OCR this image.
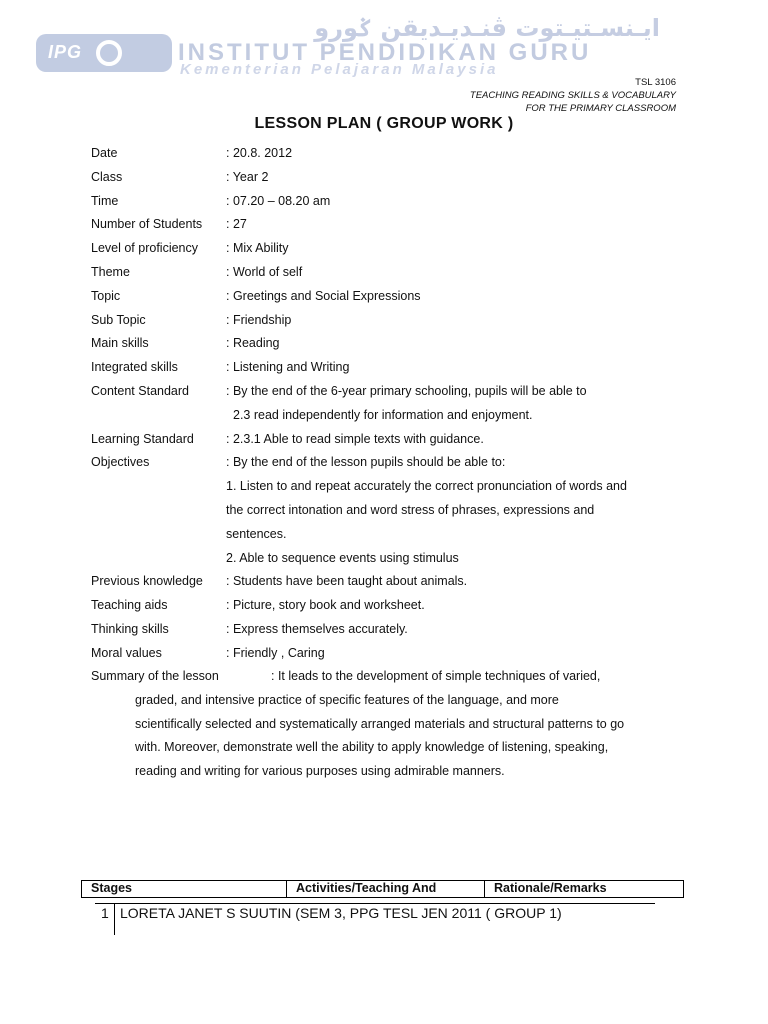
IPG
ايـنسـتيـتوت ڤنـديـديقن ݢورو
INSTITUT PENDIDIKAN GURU
Kementerian Pelajaran Malaysia
TSL 3106
TEACHING READING SKILLS & VOCABULARY
FOR THE PRIMARY CLASSROOM
LESSON PLAN ( GROUP WORK )
Date	: 20.8. 2012
Class	: Year 2
Time	: 07.20 – 08.20 am
Number of Students : 27
Level of proficiency : Mix Ability
Theme	: World of self
Topic	: Greetings and Social Expressions
Sub Topic	: Friendship
Main skills	: Reading
Integrated skills	: Listening and Writing
Content Standard	: By the end of the 6-year primary schooling, pupils will be able to
2.3 read independently for information and enjoyment.
Learning Standard	: 2.3.1 Able to read simple texts with guidance.
Objectives	: By the end of the lesson pupils should be able to:
1. Listen to and repeat accurately the correct pronunciation of words and
the correct intonation and word stress of phrases, expressions and
sentences.
2. Able to sequence events using stimulus
Previous knowledge : Students have been taught about animals.
Teaching aids	: Picture, story book and worksheet.
Thinking skills	: Express themselves accurately.
Moral values	: Friendly , Caring
Summary of the lesson	: It leads to the development of simple techniques of varied,
graded, and intensive practice of specific features of the language, and more
scientifically selected and systematically arranged materials and structural patterns to go
with. Moreover, demonstrate well the ability to apply knowledge of listening, speaking,
reading and writing for various purposes using admirable manners.
Stages	Activities/Teaching And	Rationale/Remarks
1 LORETA JANET S SUUTIN (SEM 3, PPG TESL JEN 2011 ( GROUP 1)
